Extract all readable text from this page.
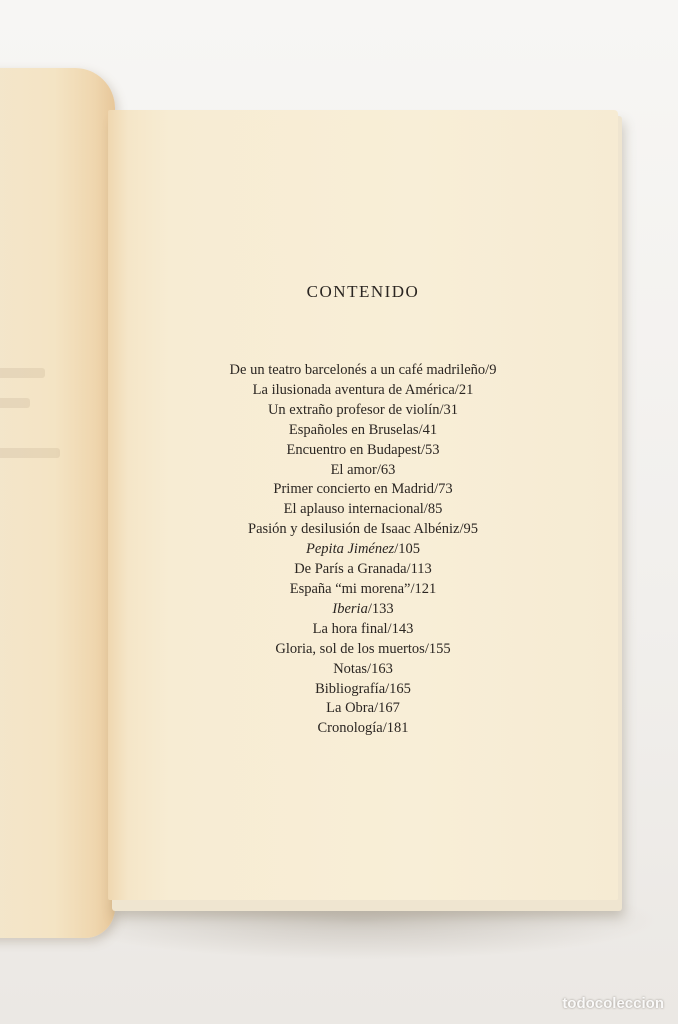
CONTENIDO
De un teatro barcelonés a un café madrileño/9
La ilusionada aventura de América/21
Un extraño profesor de violín/31
Españoles en Bruselas/41
Encuentro en Budapest/53
El amor/63
Primer concierto en Madrid/73
El aplauso internacional/85
Pasión y desilusión de Isaac Albéniz/95
Pepita Jiménez/105
De París a Granada/113
España “mi morena”/121
Iberia/133
La hora final/143
Gloria, sol de los muertos/155
Notas/163
Bibliografía/165
La Obra/167
Cronología/181
todocoleccion
